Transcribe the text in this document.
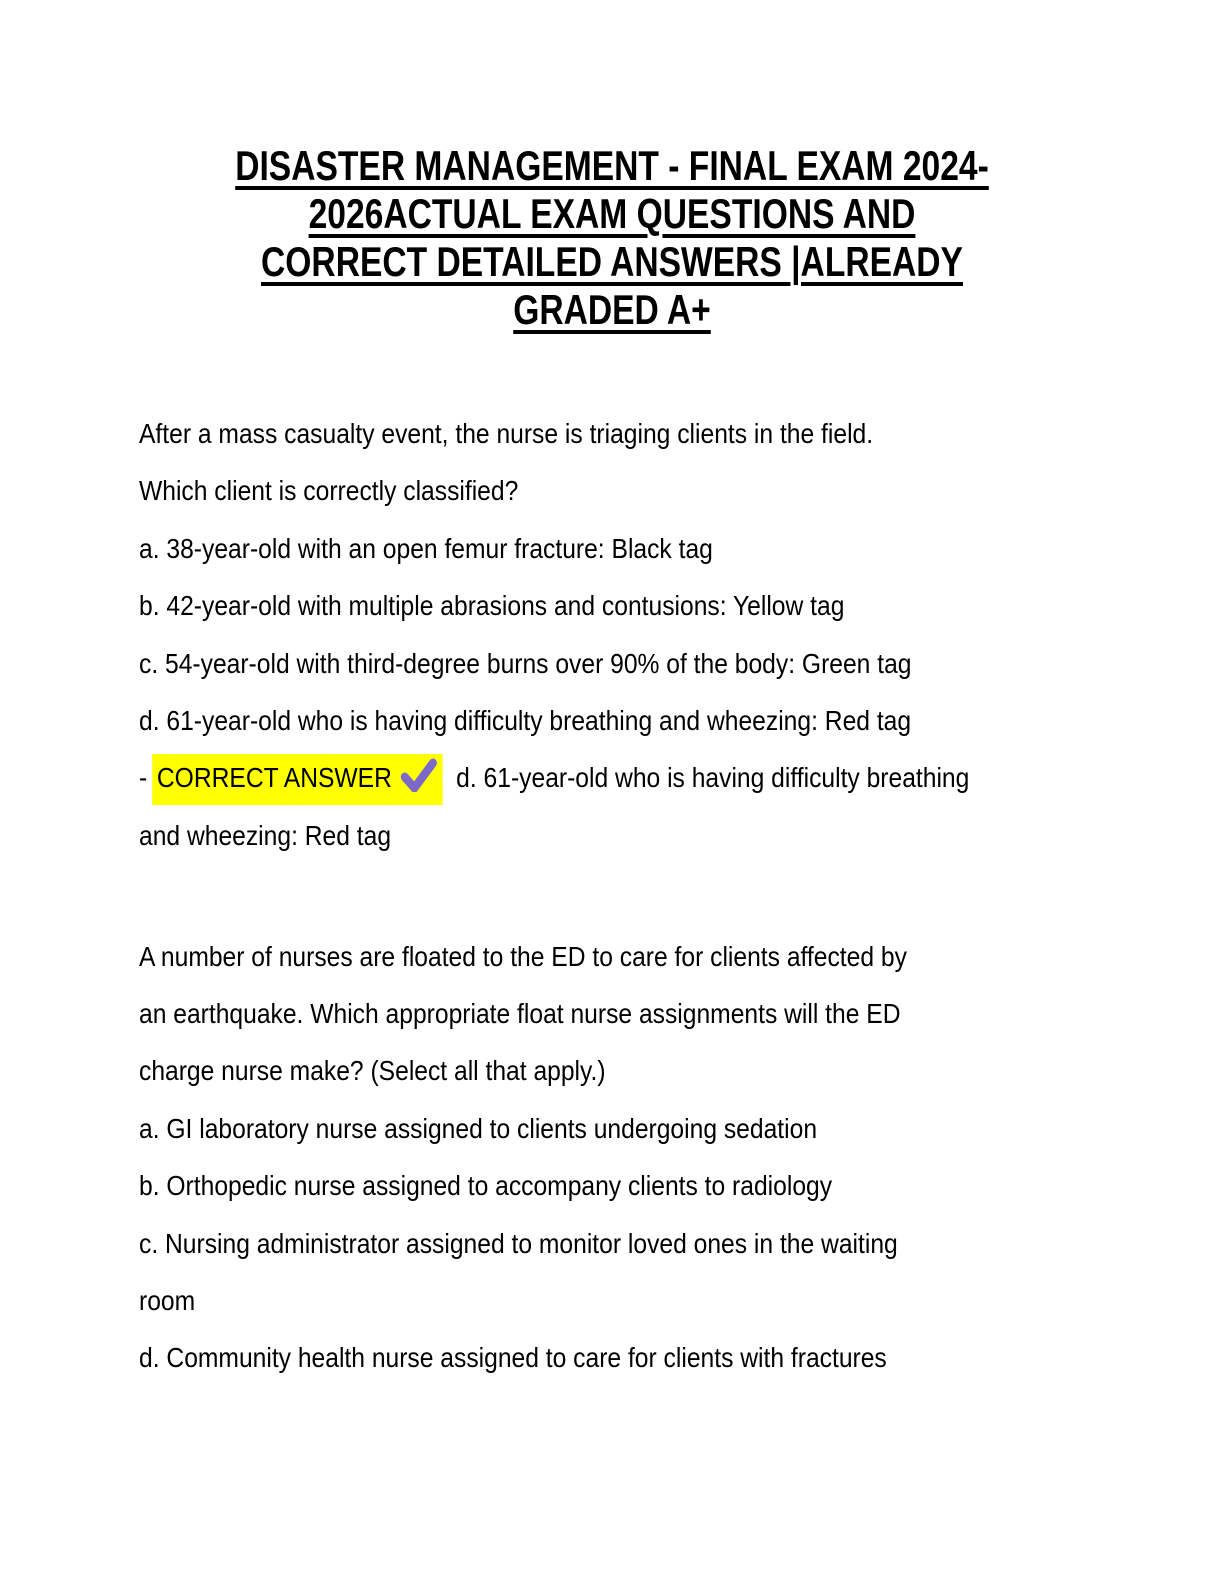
DISASTER MANAGEMENT - FINAL EXAM 2024-
2026ACTUAL EXAM QUESTIONS AND
CORRECT DETAILED ANSWERS |ALREADY
GRADED A+
After a mass casualty event, the nurse is triaging clients in the field.
Which client is correctly classified?
a. 38-year-old with an open femur fracture: Black tag
b. 42-year-old with multiple abrasions and contusions: Yellow tag
c. 54-year-old with third-degree burns over 90% of the body: Green tag
d. 61-year-old who is having difficulty breathing and wheezing: Red tag
- CORRECT ANSWER d. 61-year-old who is having difficulty breathing
and wheezing: Red tag
A number of nurses are floated to the ED to care for clients affected by
an earthquake. Which appropriate float nurse assignments will the ED
charge nurse make? (Select all that apply.)
a. GI laboratory nurse assigned to clients undergoing sedation
b. Orthopedic nurse assigned to accompany clients to radiology
c. Nursing administrator assigned to monitor loved ones in the waiting
room
d. Community health nurse assigned to care for clients with fractures
